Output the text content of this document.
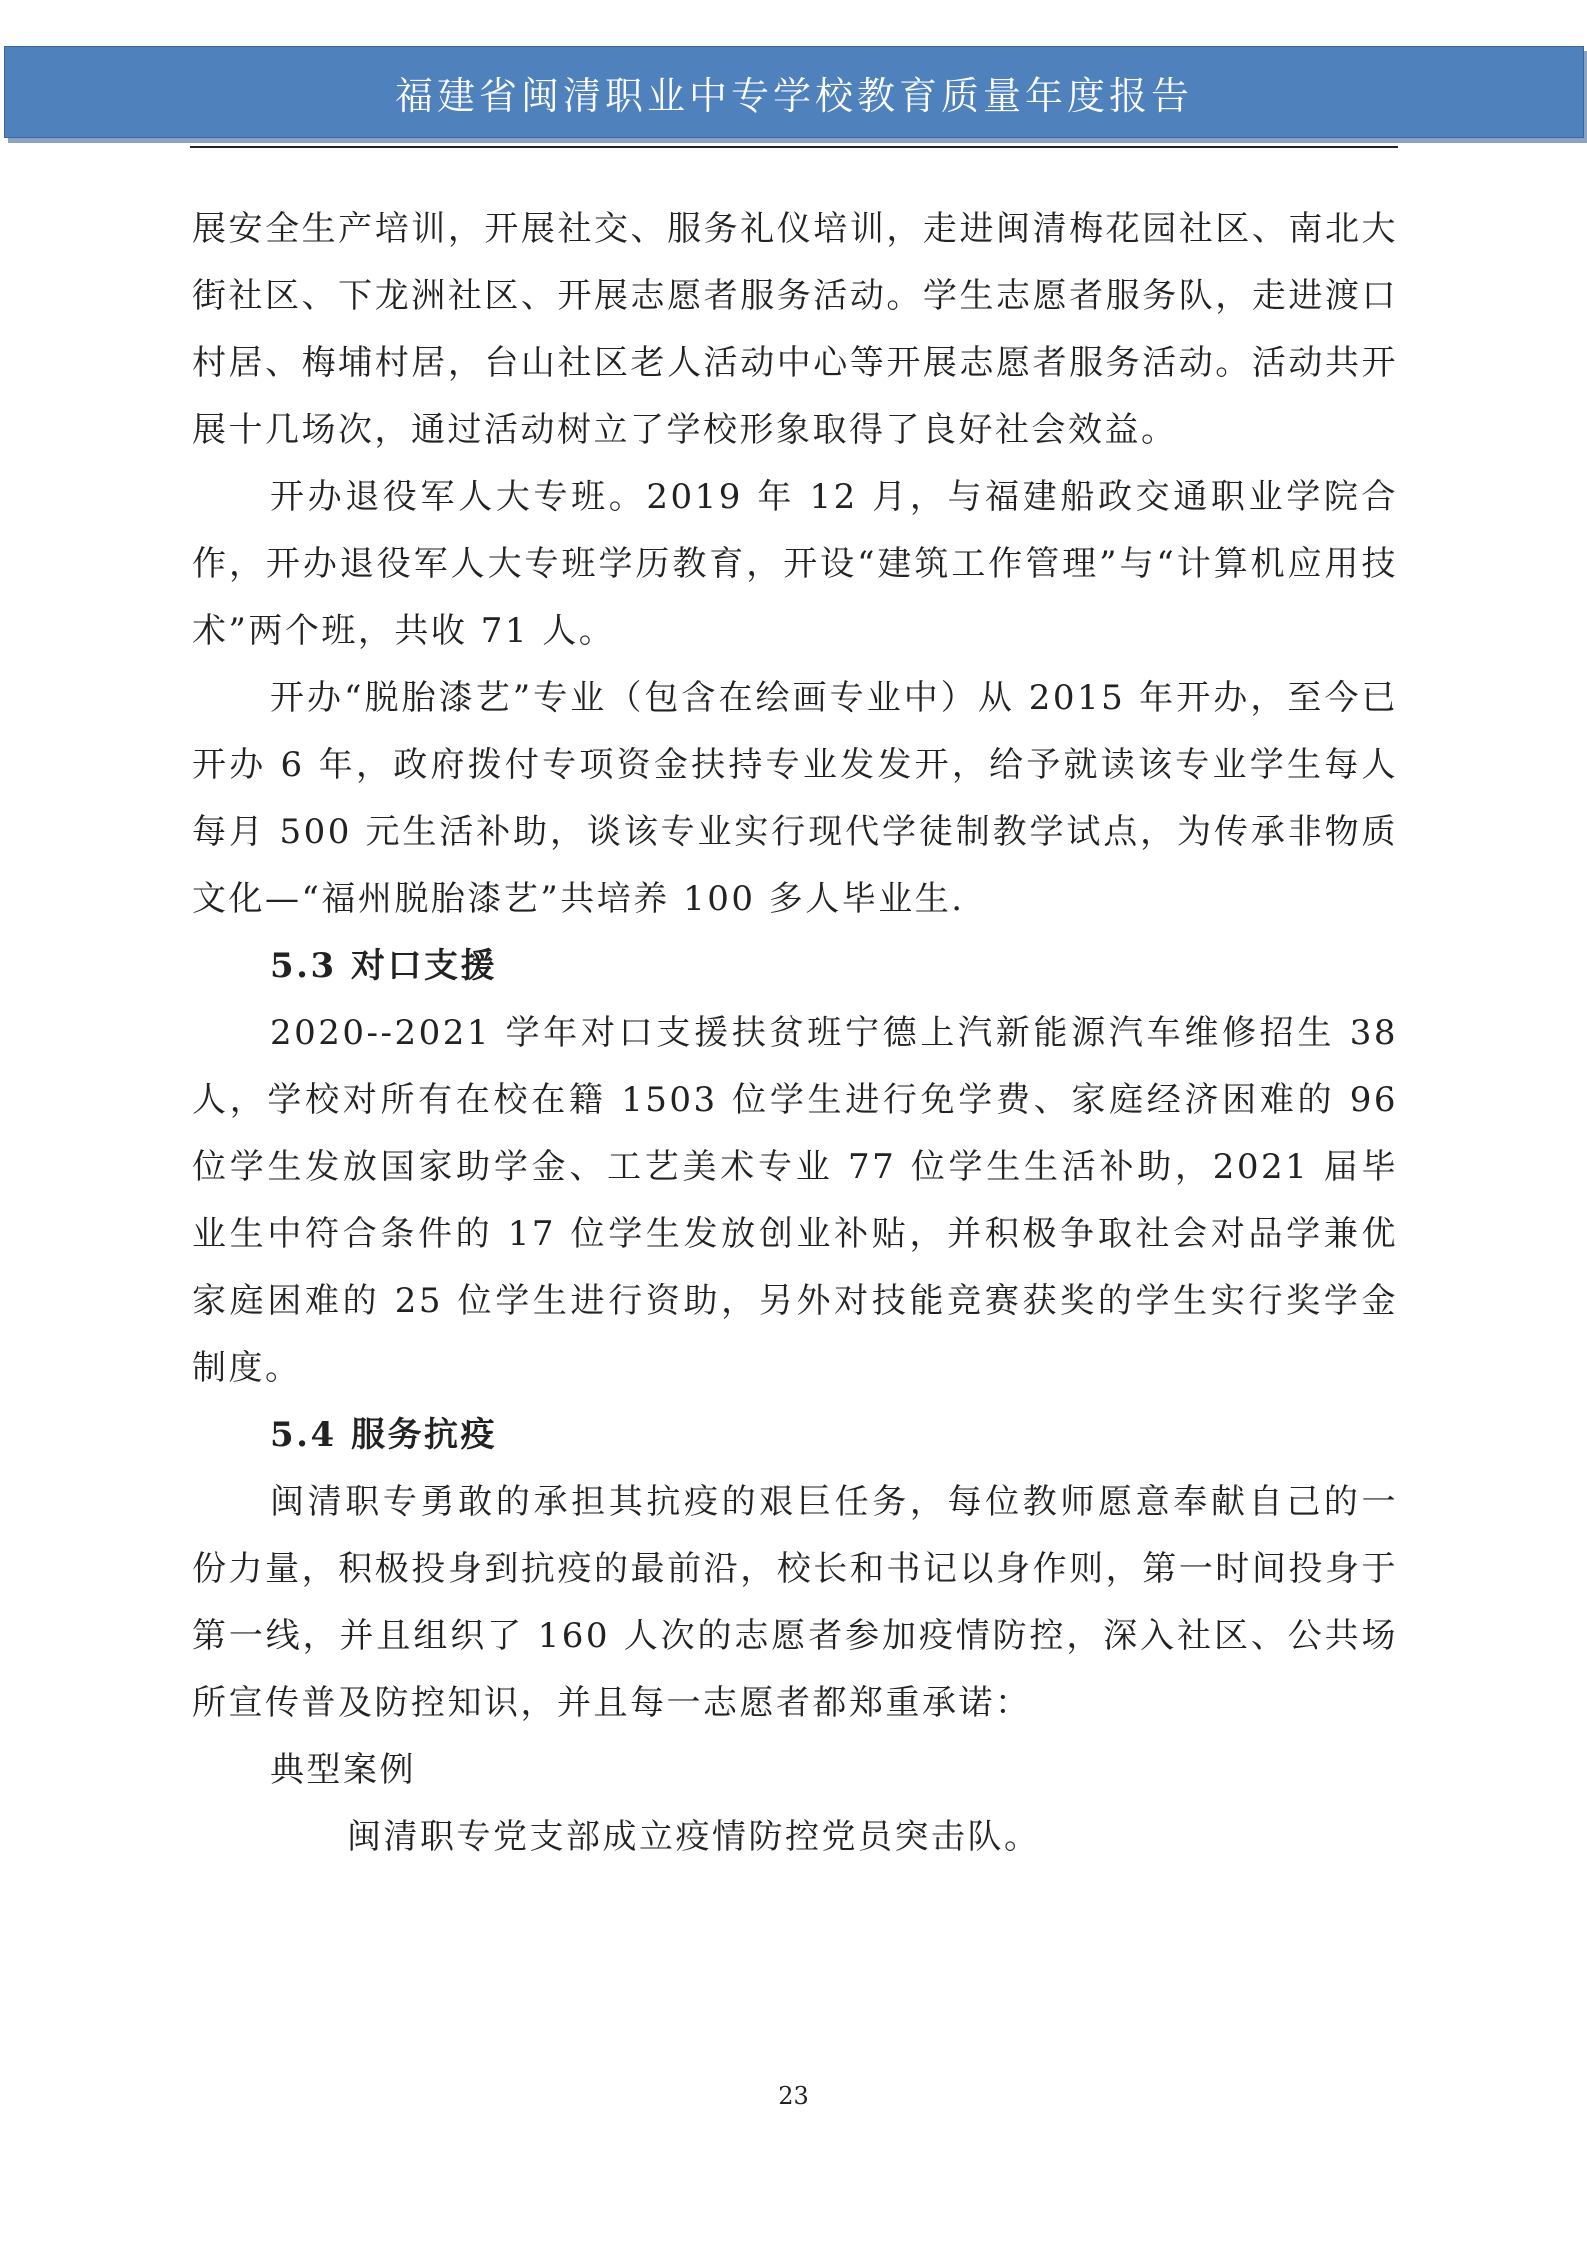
福建省闽清职业中专学校教育质量年度报告

展安全生产培训，开展社交、服务礼仪培训，走进闽清梅花园社区、南北大街社区、下龙洲社区、开展志愿者服务活动。学生志愿者服务队，走进渡口村居、梅埔村居，台山社区老人活动中心等开展志愿者服务活动。活动共开展十几场次，通过活动树立了学校形象取得了良好社会效益。

开办退役军人大专班。2019 年 12 月，与福建船政交通职业学院合作，开办退役军人大专班学历教育，开设“建筑工作管理”与“计算机应用技术”两个班，共收 71 人。

开办“脱胎漆艺”专业（包含在绘画专业中）从 2015 年开办，至今已开办 6 年，政府拨付专项资金扶持专业发发开，给予就读该专业学生每人每月 500 元生活补助，谈该专业实行现代学徒制教学试点，为传承非物质文化—“福州脱胎漆艺”共培养 100 多人毕业生.

5.3 对口支援

2020--2021 学年对口支援扶贫班宁德上汽新能源汽车维修招生 38 人，学校对所有在校在籍 1503 位学生进行免学费、家庭经济困难的 96 位学生发放国家助学金、工艺美术专业 77 位学生生活补助，2021 届毕业生中符合条件的 17 位学生发放创业补贴，并积极争取社会对品学兼优家庭困难的 25 位学生进行资助，另外对技能竞赛获奖的学生实行奖学金制度。

5.4 服务抗疫

闽清职专勇敢的承担其抗疫的艰巨任务，每位教师愿意奉献自己的一份力量，积极投身到抗疫的最前沿，校长和书记以身作则，第一时间投身于第一线，并且组织了 160 人次的志愿者参加疫情防控，深入社区、公共场所宣传普及防控知识，并且每一志愿者都郑重承诺：

典型案例

闽清职专党支部成立疫情防控党员突击队。

23
